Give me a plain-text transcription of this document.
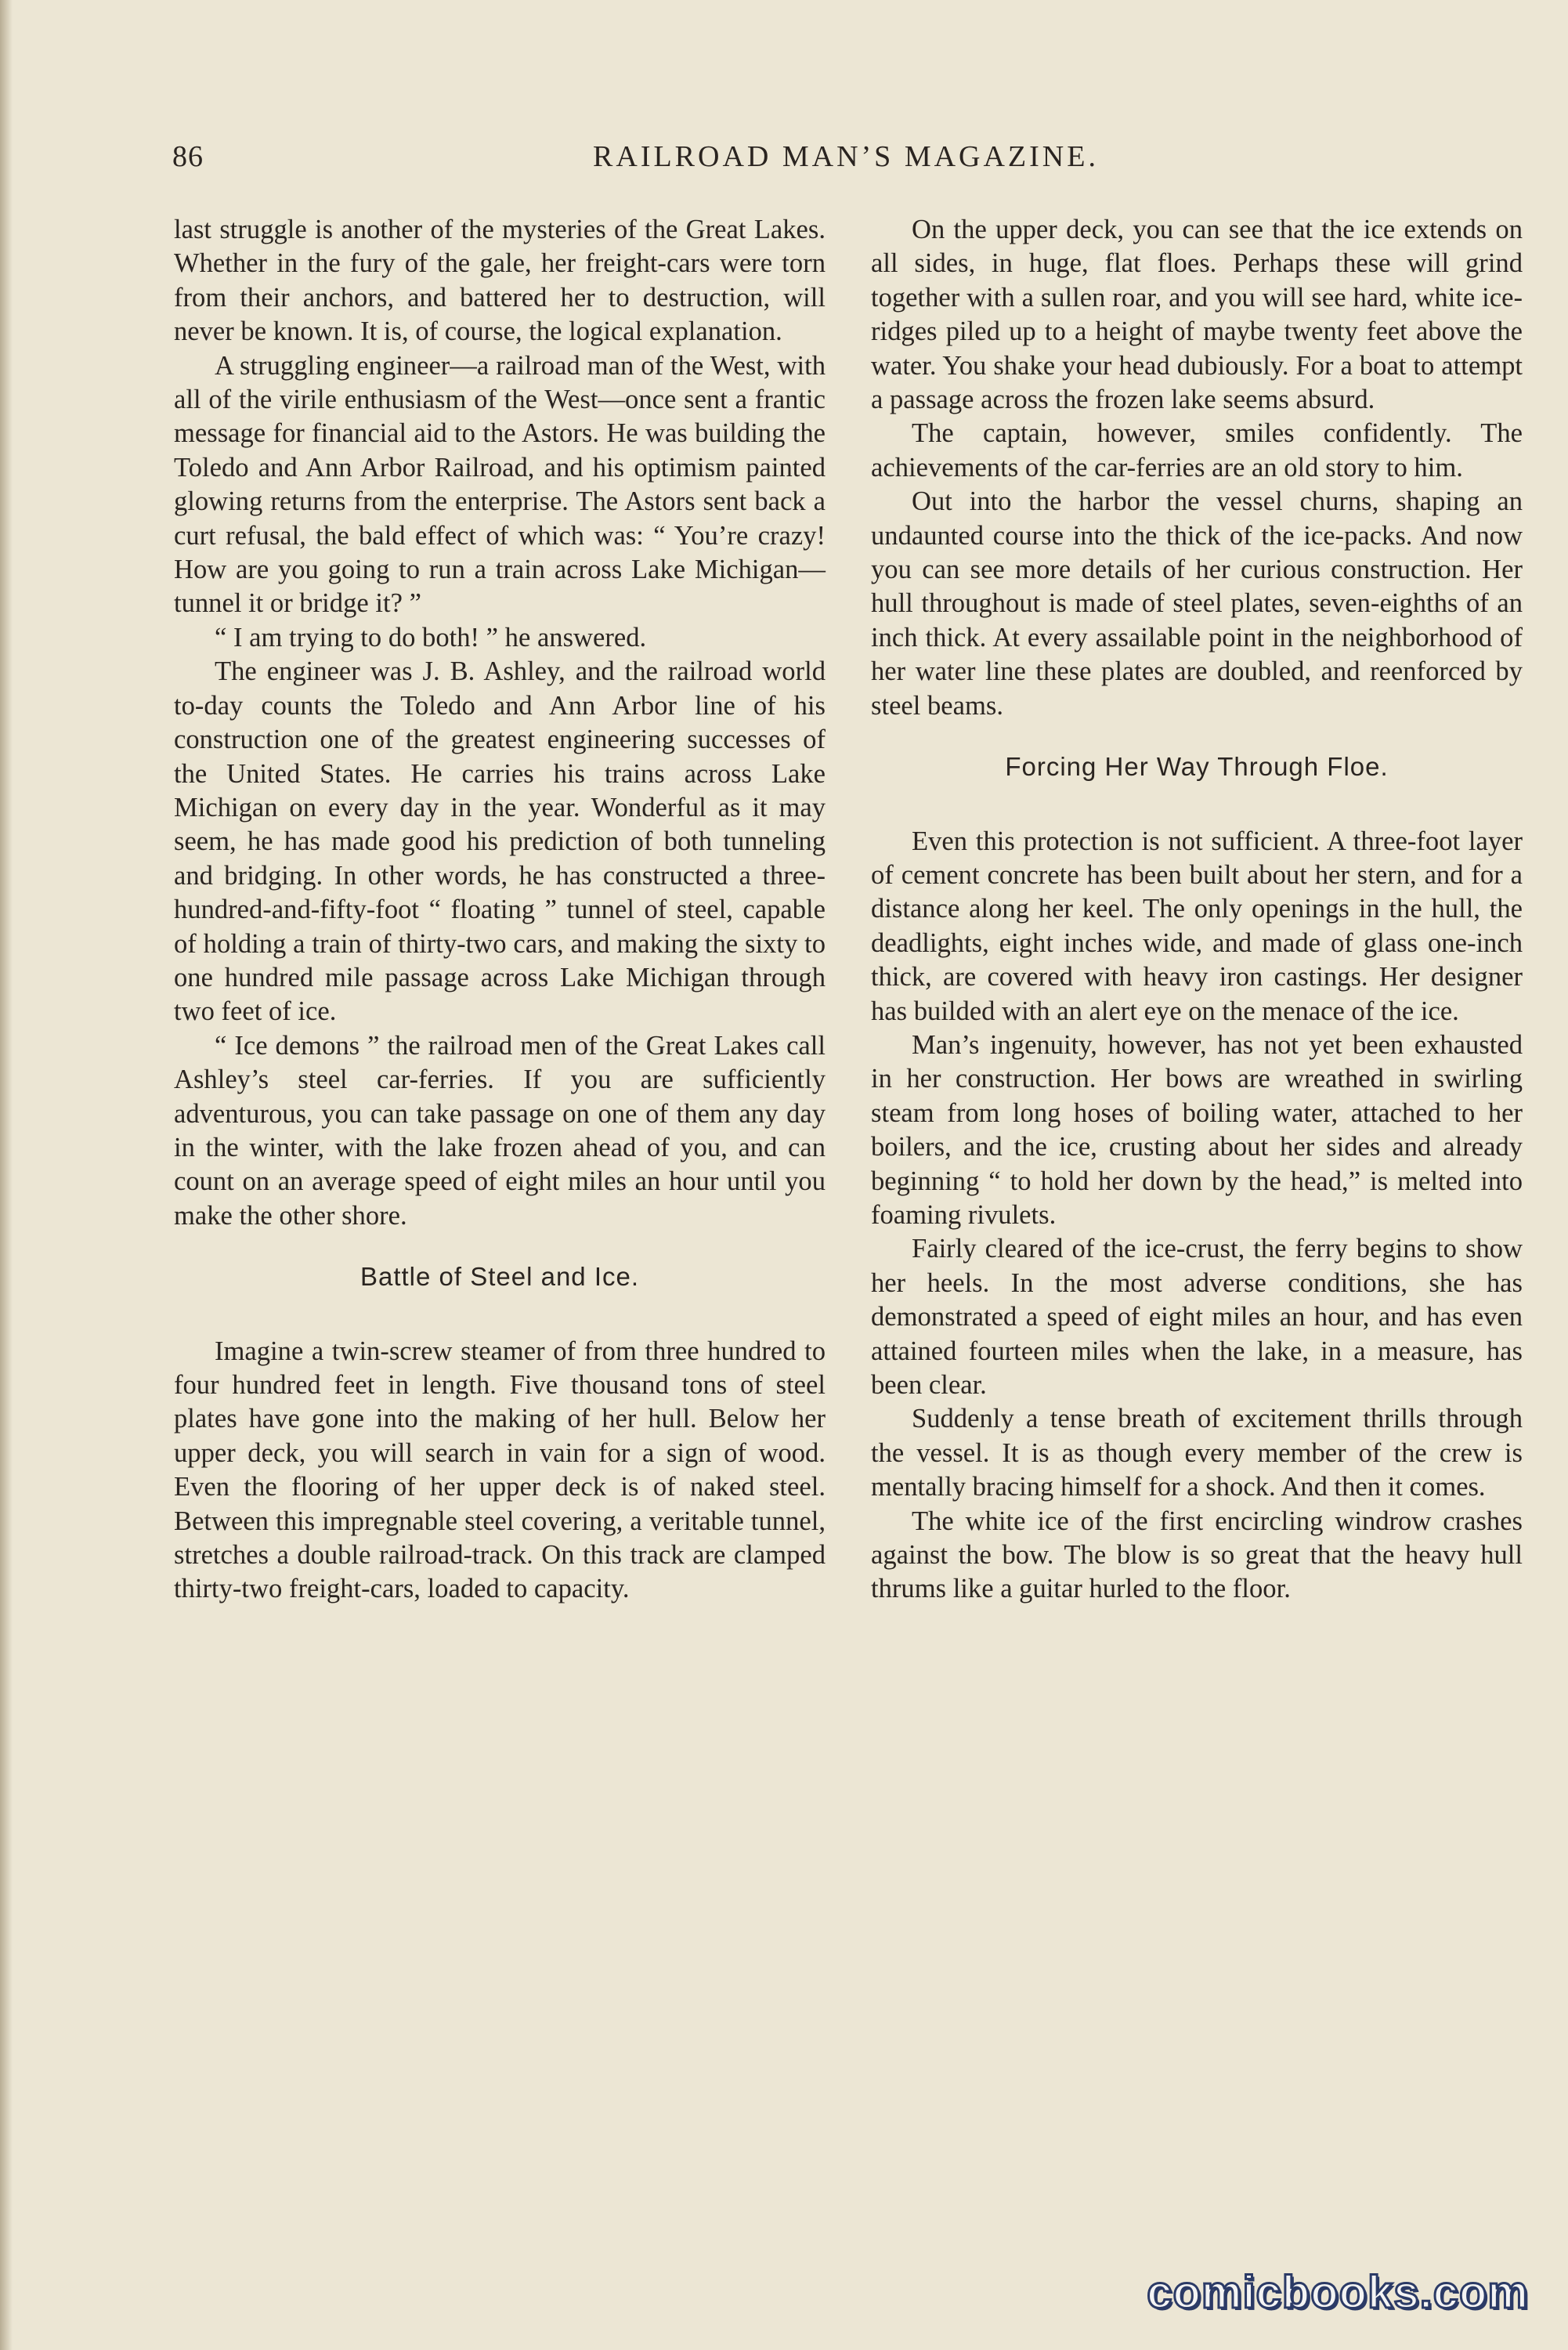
86	RAILROAD MAN’S MAGAZINE.

last struggle is another of the mysteries of the Great Lakes. Whether in the fury of the gale, her freight-cars were torn from their anchors, and battered her to destruction, will never be known. It is, of course, the logical explanation.

A struggling engineer—a railroad man of the West, with all of the virile enthusiasm of the West—once sent a frantic message for financial aid to the Astors. He was building the Toledo and Ann Arbor Railroad, and his optimism painted glowing returns from the enterprise. The Astors sent back a curt refusal, the bald effect of which was: “ You’re crazy! How are you going to run a train across Lake Michigan—tunnel it or bridge it? ”

“ I am trying to do both! ” he answered.

The engineer was J. B. Ashley, and the railroad world to-day counts the Toledo and Ann Arbor line of his construction one of the greatest engineering successes of the United States. He carries his trains across Lake Michigan on every day in the year. Wonderful as it may seem, he has made good his prediction of both tunneling and bridging. In other words, he has constructed a three-hundred-and-fifty-foot “ floating ” tunnel of steel, capable of holding a train of thirty-two cars, and making the sixty to one hundred mile passage across Lake Michigan through two feet of ice.

“ Ice demons ” the railroad men of the Great Lakes call Ashley’s steel car-ferries. If you are sufficiently adventurous, you can take passage on one of them any day in the winter, with the lake frozen ahead of you, and can count on an average speed of eight miles an hour until you make the other shore.

Battle of Steel and Ice.

Imagine a twin-screw steamer of from three hundred to four hundred feet in length. Five thousand tons of steel plates have gone into the making of her hull. Below her upper deck, you will search in vain for a sign of wood. Even the flooring of her upper deck is of naked steel. Between this impregnable steel covering, a veritable tunnel, stretches a double railroad-track. On this track are clamped thirty-two freight-cars, loaded to capacity.

On the upper deck, you can see that the ice extends on all sides, in huge, flat floes. Perhaps these will grind together with a sullen roar, and you will see hard, white ice-ridges piled up to a height of maybe twenty feet above the water. You shake your head dubiously. For a boat to attempt a passage across the frozen lake seems absurd.

The captain, however, smiles confidently. The achievements of the car-ferries are an old story to him.

Out into the harbor the vessel churns, shaping an undaunted course into the thick of the ice-packs. And now you can see more details of her curious construction. Her hull throughout is made of steel plates, seven-eighths of an inch thick. At every assailable point in the neighborhood of her water line these plates are doubled, and reenforced by steel beams.

Forcing Her Way Through Floe.

Even this protection is not sufficient. A three-foot layer of cement concrete has been built about her stern, and for a distance along her keel. The only openings in the hull, the deadlights, eight inches wide, and made of glass one-inch thick, are covered with heavy iron castings. Her designer has builded with an alert eye on the menace of the ice.

Man’s ingenuity, however, has not yet been exhausted in her construction. Her bows are wreathed in swirling steam from long hoses of boiling water, attached to her boilers, and the ice, crusting about her sides and already beginning “ to hold her down by the head,” is melted into foaming rivulets.

Fairly cleared of the ice-crust, the ferry begins to show her heels. In the most adverse conditions, she has demonstrated a speed of eight miles an hour, and has even attained fourteen miles when the lake, in a measure, has been clear.

Suddenly a tense breath of excitement thrills through the vessel. It is as though every member of the crew is mentally bracing himself for a shock. And then it comes.

The white ice of the first encircling windrow crashes against the bow. The blow is so great that the heavy hull thrums like a guitar hurled to the floor.

comicbooks.com
